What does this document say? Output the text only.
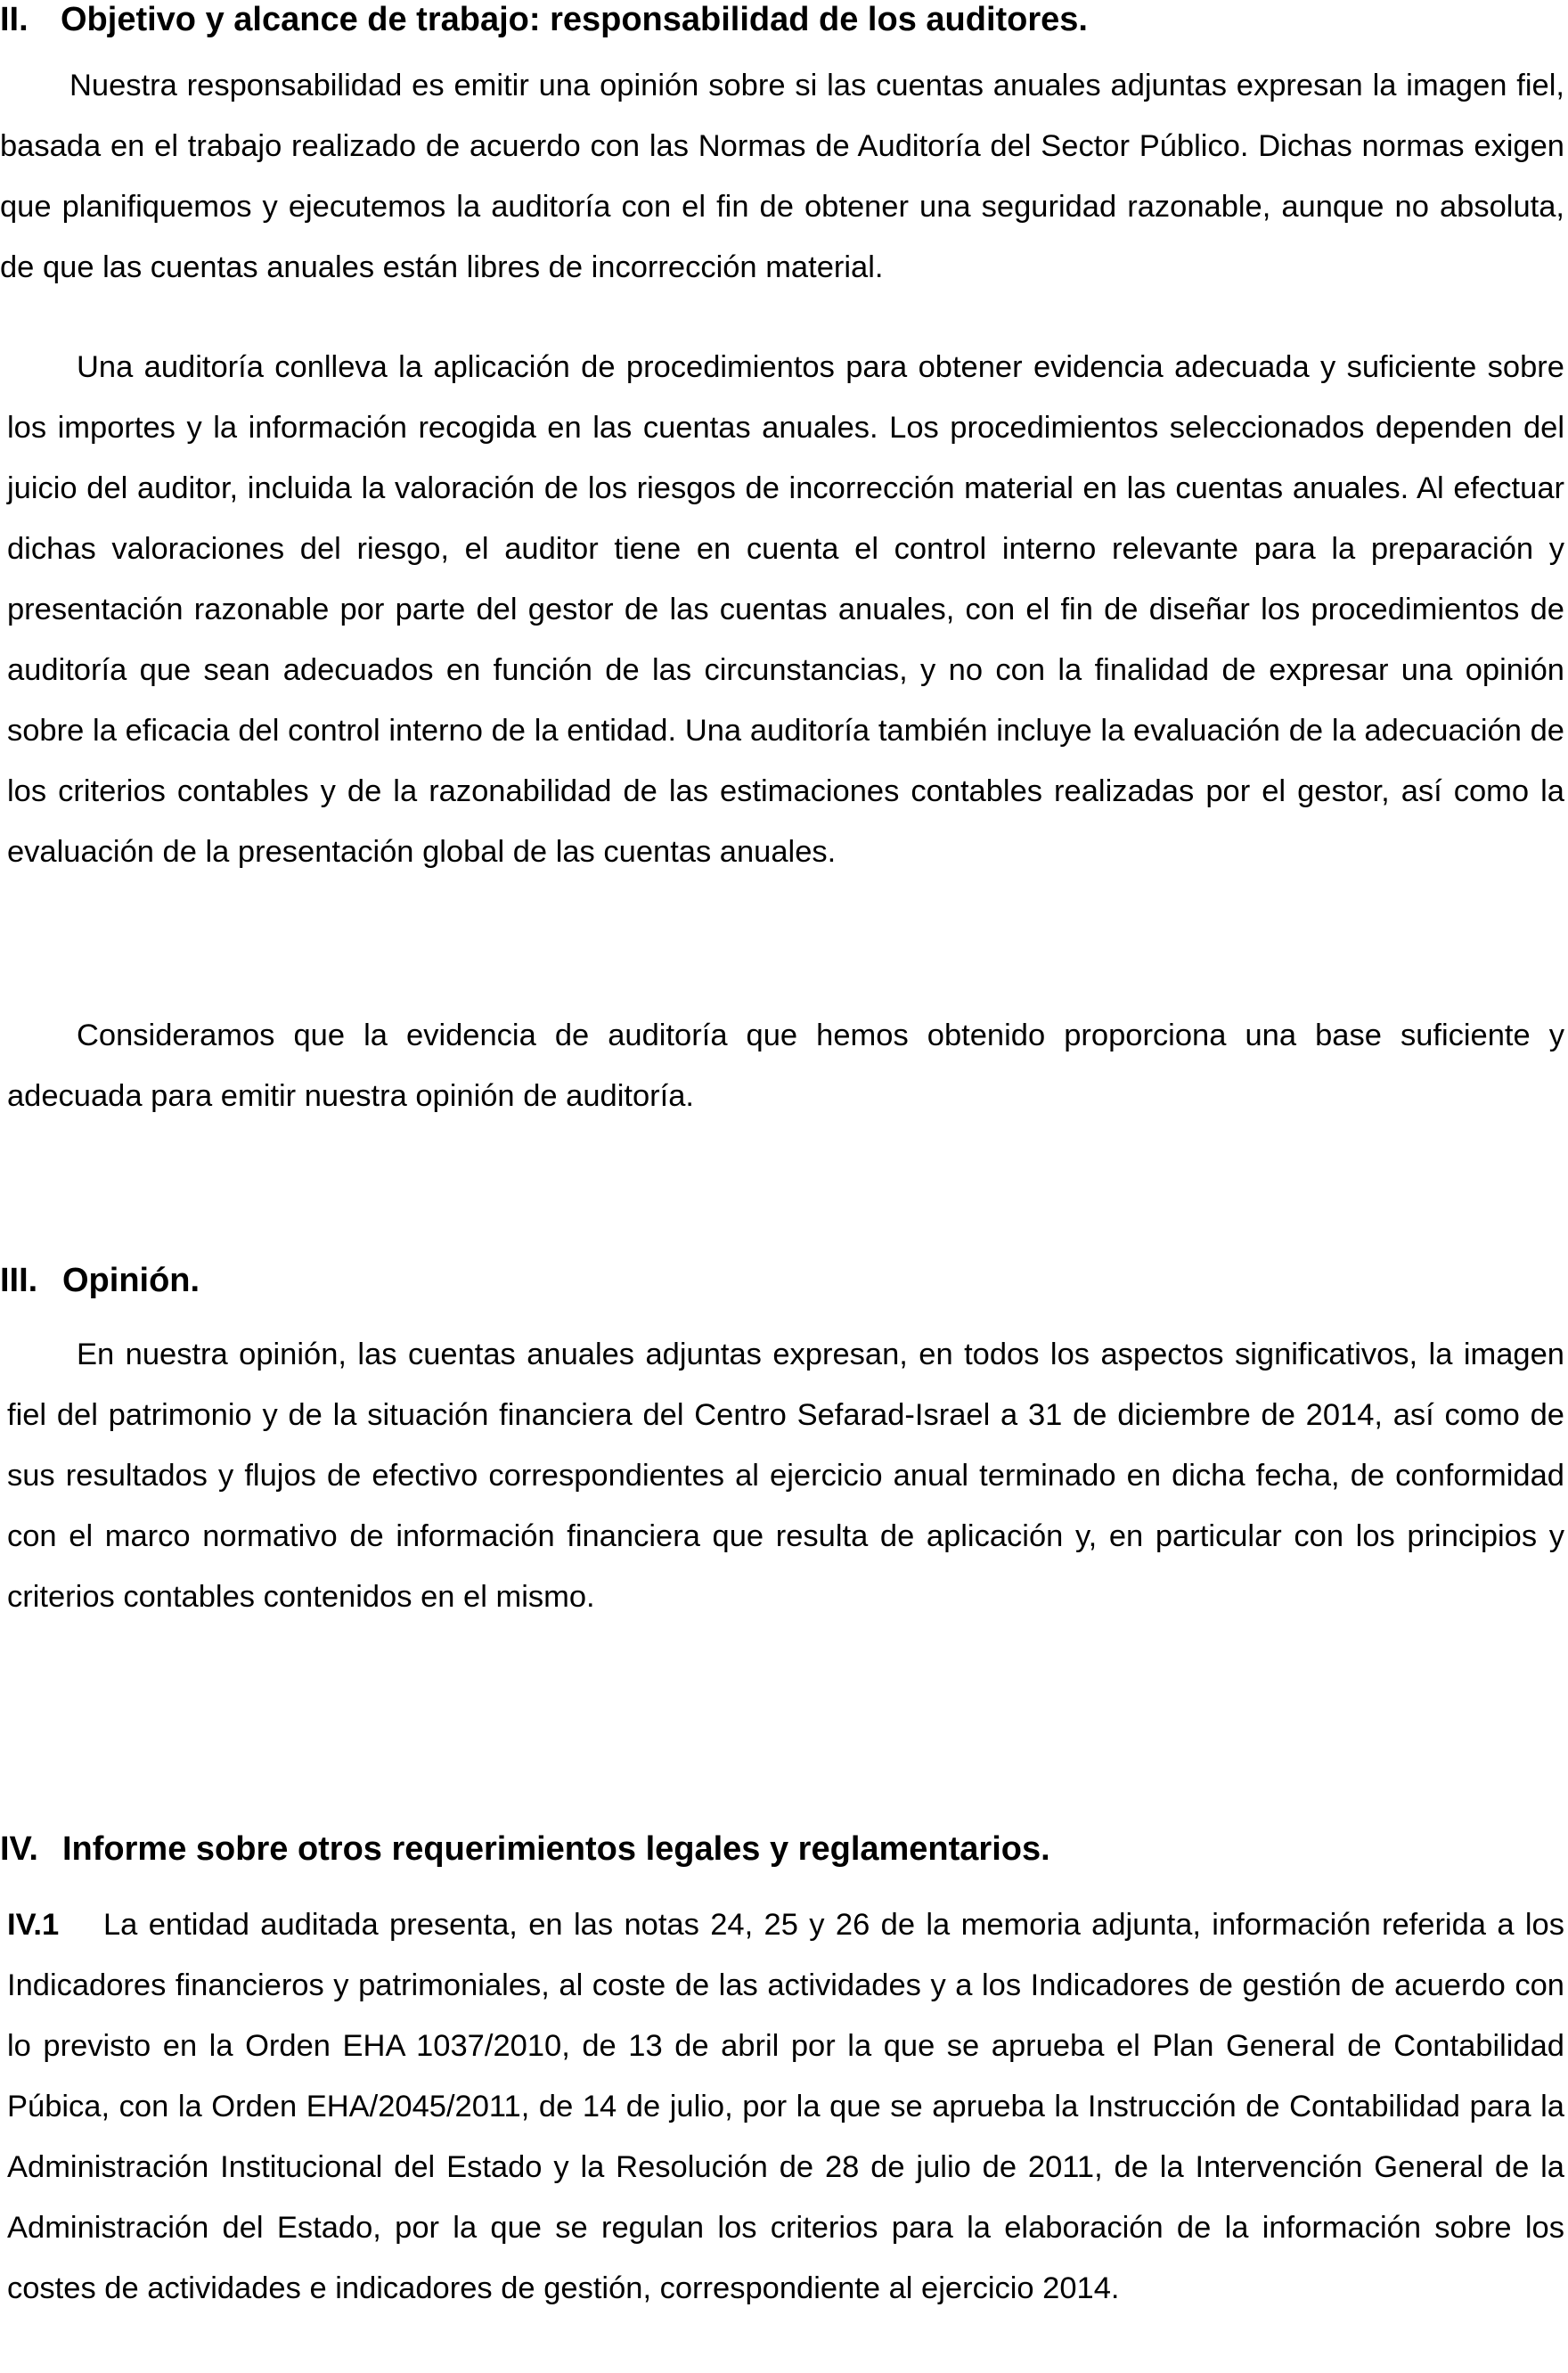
II. Objetivo y alcance de trabajo: responsabilidad de los auditores.

Nuestra responsabilidad es emitir una opinión sobre si las cuentas anuales adjuntas expresan la imagen fiel, basada en el trabajo realizado de acuerdo con las Normas de Auditoría del Sector Público. Dichas normas exigen que planifiquemos y ejecutemos la auditoría con el fin de obtener una seguridad razonable, aunque no absoluta, de que las cuentas anuales están libres de incorrección material.

Una auditoría conlleva la aplicación de procedimientos para obtener evidencia adecuada y suficiente sobre los importes y la información recogida en las cuentas anuales. Los procedimientos seleccionados dependen del juicio del auditor, incluida la valoración de los riesgos de incorrección material en las cuentas anuales. Al efectuar dichas valoraciones del riesgo, el auditor tiene en cuenta el control interno relevante para la preparación y presentación razonable por parte del gestor de las cuentas anuales, con el fin de diseñar los procedimientos de auditoría que sean adecuados en función de las circunstancias, y no con la finalidad de expresar una opinión sobre la eficacia del control interno de la entidad. Una auditoría también incluye la evaluación de la adecuación de los criterios contables y de la razonabilidad de las estimaciones contables realizadas por el gestor, así como la evaluación de la presentación global de las cuentas anuales.

Consideramos que la evidencia de auditoría que hemos obtenido proporciona una base suficiente y adecuada para emitir nuestra opinión de auditoría.

III. Opinión.

En nuestra opinión, las cuentas anuales adjuntas expresan, en todos los aspectos significativos, la imagen fiel del patrimonio y de la situación financiera del Centro Sefarad-Israel a 31 de diciembre de 2014, así como de sus resultados y flujos de efectivo correspondientes al ejercicio anual terminado en dicha fecha, de conformidad con el marco normativo de información financiera que resulta de aplicación y, en particular con los principios y criterios contables contenidos en el mismo.

IV. Informe sobre otros requerimientos legales y reglamentarios.

IV.1 La entidad auditada presenta, en las notas 24, 25 y 26 de la memoria adjunta, información referida a los Indicadores financieros y patrimoniales, al coste de las actividades y a los Indicadores de gestión de acuerdo con lo previsto en la Orden EHA 1037/2010, de 13 de abril por la que se aprueba el Plan General de Contabilidad Púbica, con la Orden EHA/2045/2011, de 14 de julio, por la que se aprueba la Instrucción de Contabilidad para la Administración Institucional del Estado y la Resolución de 28 de julio de 2011, de la Intervención General de la Administración del Estado, por la que se regulan los criterios para la elaboración de la información sobre los costes de actividades e indicadores de gestión, correspondiente al ejercicio 2014.
